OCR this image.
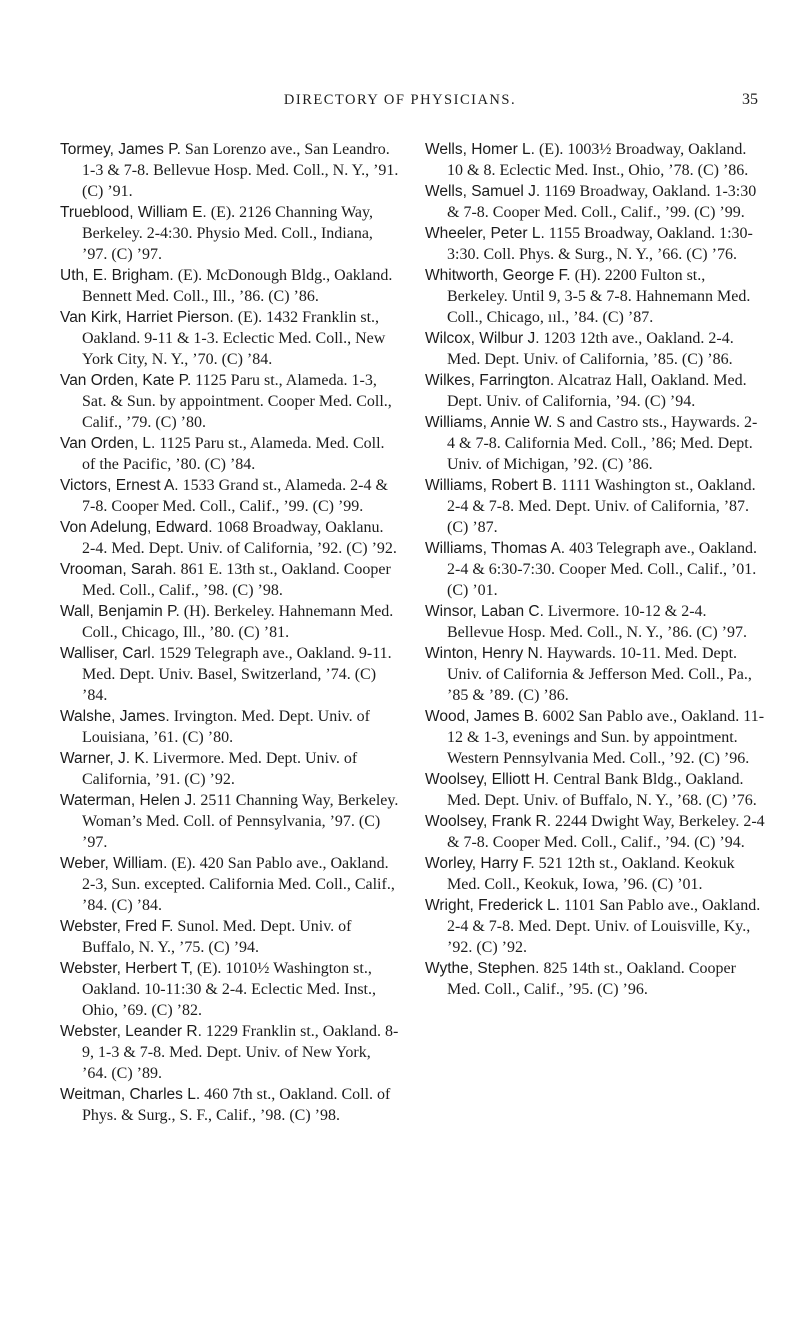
DIRECTORY OF PHYSICIANS.	35

Tormey, James P. San Lorenzo ave., San Leandro. 1-3 & 7-8. Bellevue Hosp. Med. Coll., N. Y., ’91. (C) ’91.

Trueblood, William E. (E). 2126 Channing Way, Berkeley. 2-4:30. Physio Med. Coll., Indiana, ’97. (C) ’97.

Uth, E. Brigham. (E). McDonough Bldg., Oakland. Bennett Med. Coll., Ill., ’86. (C) ’86.

Van Kirk, Harriet Pierson. (E). 1432 Franklin st., Oakland. 9-11 & 1-3. Eclectic Med. Coll., New York City, N. Y., ’70. (C) ’84.

Van Orden, Kate P. 1125 Paru st., Alameda. 1-3, Sat. & Sun. by appointment. Cooper Med. Coll., Calif., ’79. (C) ’80.

Van Orden, L. 1125 Paru st., Alameda. Med. Coll. of the Pacific, ’80. (C) ’84.

Victors, Ernest A. 1533 Grand st., Alameda. 2-4 & 7-8. Cooper Med. Coll., Calif., ’99. (C) ’99.

Von Adelung, Edward. 1068 Broadway, Oaklanu. 2-4. Med. Dept. Univ. of California, ’92. (C) ’92.

Vrooman, Sarah. 861 E. 13th st., Oakland. Cooper Med. Coll., Calif., ’98. (C) ’98.

Wall, Benjamin P. (H). Berkeley. Hahnemann Med. Coll., Chicago, Ill., ’80. (C) ’81.

Walliser, Carl. 1529 Telegraph ave., Oakland. 9-11. Med. Dept. Univ. Basel, Switzerland, ’74. (C) ’84.

Walshe, James. Irvington. Med. Dept. Univ. of Louisiana, ’61. (C) ’80.

Warner, J. K. Livermore. Med. Dept. Univ. of California, ’91. (C) ’92.

Waterman, Helen J. 2511 Channing Way, Berkeley. Woman’s Med. Coll. of Pennsylvania, ’97. (C) ’97.

Weber, William. (E). 420 San Pablo ave., Oakland. 2-3, Sun. excepted. California Med. Coll., Calif., ’84. (C) ’84.

Webster, Fred F. Sunol. Med. Dept. Univ. of Buffalo, N. Y., ’75. (C) ’94.

Webster, Herbert T, (E). 1010½ Washington st., Oakland. 10-11:30 & 2-4. Eclectic Med. Inst., Ohio, ’69. (C) ’82.

Webster, Leander R. 1229 Franklin st., Oakland. 8-9, 1-3 & 7-8. Med. Dept. Univ. of New York, ’64. (C) ’89.

Weitman, Charles L. 460 7th st., Oakland. Coll. of Phys. & Surg., S. F., Calif., ’98. (C) ’98.

Wells, Homer L. (E). 1003½ Broadway, Oakland. 10 & 8. Eclectic Med. Inst., Ohio, ’78. (C) ’86.

Wells, Samuel J. 1169 Broadway, Oakland. 1-3:30 & 7-8. Cooper Med. Coll., Calif., ’99. (C) ’99.

Wheeler, Peter L. 1155 Broadway, Oakland. 1:30-3:30. Coll. Phys. & Surg., N. Y., ’66. (C) ’76.

Whitworth, George F. (H). 2200 Fulton st., Berkeley. Until 9, 3-5 & 7-8. Hahnemann Med. Coll., Chicago, ııl., ’84. (C) ’87.

Wilcox, Wilbur J. 1203 12th ave., Oakland. 2-4. Med. Dept. Univ. of California, ’85. (C) ’86.

Wilkes, Farrington. Alcatraz Hall, Oakland. Med. Dept. Univ. of California, ’94. (C) ’94.

Williams, Annie W. S and Castro sts., Haywards. 2-4 & 7-8. California Med. Coll., ’86; Med. Dept. Univ. of Michigan, ’92. (C) ’86.

Williams, Robert B. 1111 Washington st., Oakland. 2-4 & 7-8. Med. Dept. Univ. of California, ’87. (C) ’87.

Williams, Thomas A. 403 Telegraph ave., Oakland. 2-4 & 6:30-7:30. Cooper Med. Coll., Calif., ’01. (C) ’01.

Winsor, Laban C. Livermore. 10-12 & 2-4. Bellevue Hosp. Med. Coll., N. Y., ’86. (C) ’97.

Winton, Henry N. Haywards. 10-11. Med. Dept. Univ. of California & Jefferson Med. Coll., Pa., ’85 & ’89. (C) ’86.

Wood, James B. 6002 San Pablo ave., Oakland. 11-12 & 1-3, evenings and Sun. by appointment. Western Pennsylvania Med. Coll., ’92. (C) ’96.

Woolsey, Elliott H. Central Bank Bldg., Oakland. Med. Dept. Univ. of Buffalo, N. Y., ’68. (C) ’76.

Woolsey, Frank R. 2244 Dwight Way, Berkeley. 2-4 & 7-8. Cooper Med. Coll., Calif., ’94. (C) ’94.

Worley, Harry F. 521 12th st., Oakland. Keokuk Med. Coll., Keokuk, Iowa, ’96. (C) ’01.

Wright, Frederick L. 1101 San Pablo ave., Oakland. 2-4 & 7-8. Med. Dept. Univ. of Louisville, Ky., ’92. (C) ’92.

Wythe, Stephen. 825 14th st., Oakland. Cooper Med. Coll., Calif., ’95. (C) ’96.
